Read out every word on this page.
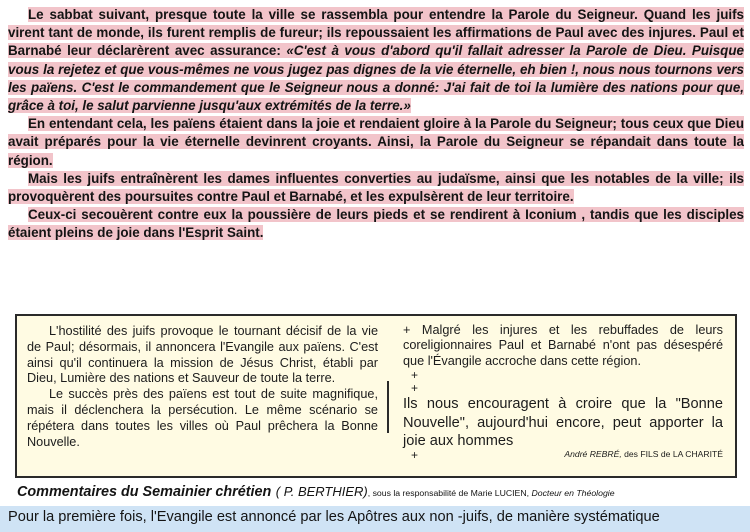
Le sabbat suivant, presque toute la ville se rassembla pour entendre la Parole du Seigneur. Quand les juifs virent tant de monde, ils furent remplis de fureur; ils repoussaient les affirmations de Paul avec des injures. Paul et Barnabé leur déclarèrent avec assurance: «C'est à vous d'abord qu'il fallait adresser la Parole de Dieu. Puisque vous la rejetez et que vous-mêmes ne vous jugez pas dignes de la vie éternelle, eh bien !, nous nous tournons vers les païens. C'est le commandement que le Seigneur nous a donné: J'ai fait de toi la lumière des nations pour que, grâce à toi, le salut parvienne jusqu'aux extrémités de la terre.»

En entendant cela, les païens étaient dans la joie et rendaient gloire à la Parole du Seigneur; tous ceux que Dieu avait préparés pour la vie éternelle devinrent croyants. Ainsi, la Parole du Seigneur se répandait dans toute la région.

Mais les juifs entraînèrent les dames influentes converties au judaïsme, ainsi que les notables de la ville; ils provoquèrent des poursuites contre Paul et Barnabé, et les expulsèrent de leur territoire.

Ceux-ci secouèrent contre eux la poussière de leurs pieds et se rendirent à Iconium , tandis que les disciples étaient pleins de joie dans l'Esprit Saint.

L'hostilité des juifs provoque le tournant décisif de la vie de Paul; désormais, il annoncera l'Evangile aux païens. C'est ainsi qu'il continuera la mission de Jésus Christ, établi par Dieu, Lumière des nations et Sauveur de toute la terre.

Le succès près des païens est tout de suite magnifique, mais il déclenchera la persécution. Le même scénario se répétera dans toutes les villes où Paul prêchera la Bonne Nouvelle.

+ Malgré les injures et les rebuffades de leurs coreligionnaires Paul et Barnabé n'ont pas désespéré que l'Évangile accroche dans cette région.

+

+

Ils nous encouragent à croire que la "Bonne Nouvelle", aujourd'hui encore, peut apporter la joie aux hommes

+	André REBRÉ, des FILS de LA CHARITÉ

Commentaires du Semainier chrétien ( P. BERTHIER), sous la responsabilité de Marie LUCIEN, Docteur en Théologie
Pour la première fois, l'Evangile est annoncé par les Apôtres aux non -juifs, de manière systématique
